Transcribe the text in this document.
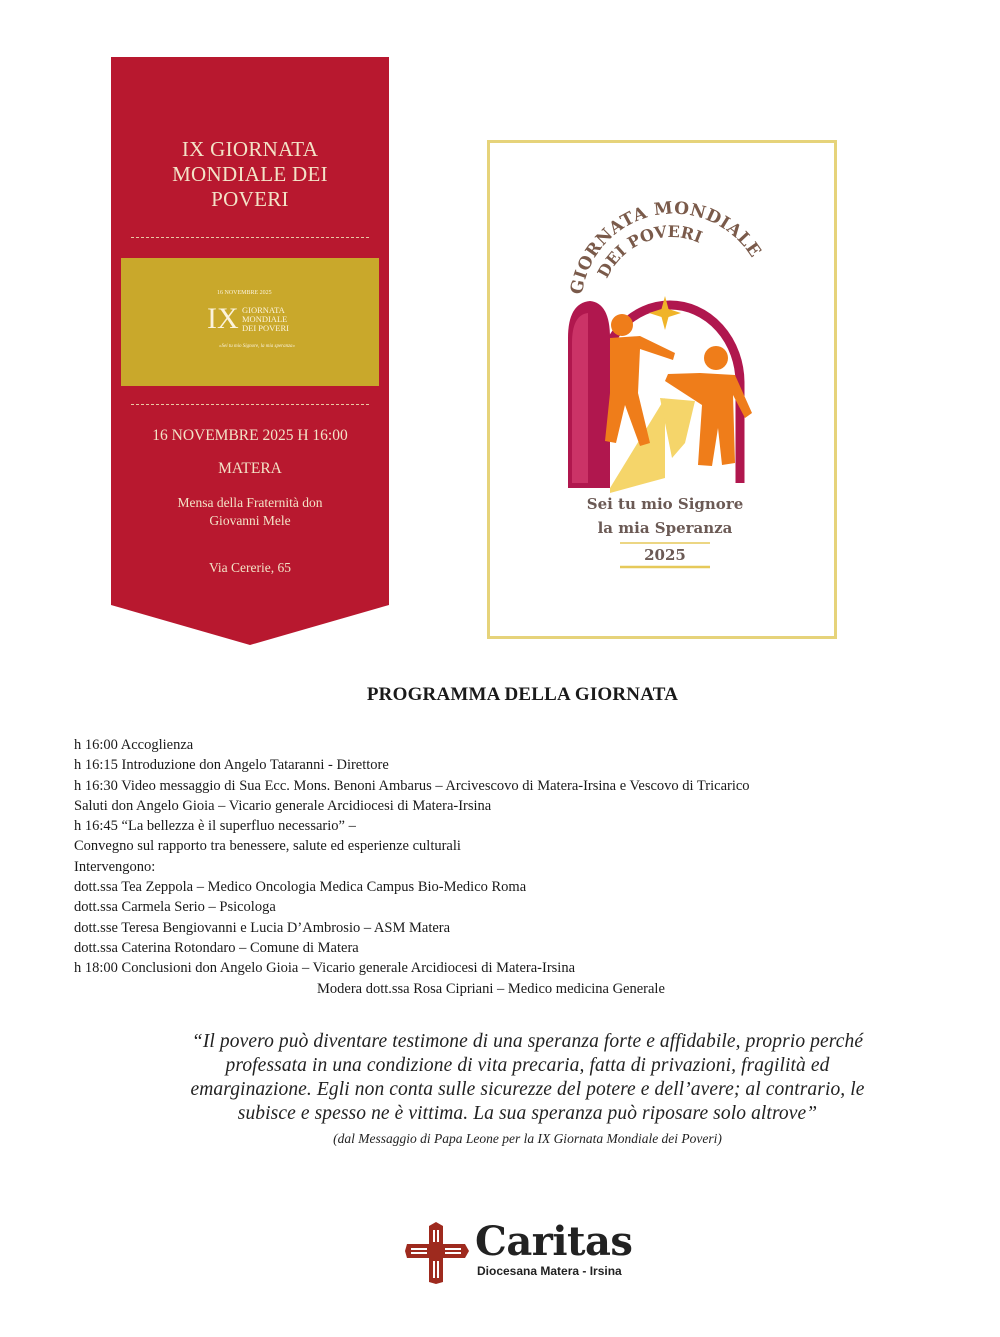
IX GIORNATA
MONDIALE DEI
POVERI
16 NOVEMBRE 2025
IX GIORNATA
MONDIALE
DEI POVERI
«Sei tu mio Signore, la mia speranza»
16 NOVEMBRE 2025 H 16:00
MATERA
Mensa della Fraternità don
Giovanni Mele
Via Cererie, 65
GIORNATA MONDIALE
DEI POVERI
Sei tu mio Signore
la mia Speranza
2025
PROGRAMMA DELLA GIORNATA
h 16:00 Accoglienza
h 16:15 Introduzione don Angelo Tataranni - Direttore
h 16:30 Video messaggio di Sua Ecc. Mons. Benoni Ambarus – Arcivescovo di Matera-Irsina e Vescovo di Tricarico
Saluti don Angelo Gioia – Vicario generale Arcidiocesi di Matera-Irsina
h 16:45 “La bellezza è il superfluo necessario” –
Convegno sul rapporto tra benessere, salute ed esperienze culturali
Intervengono:
dott.ssa Tea Zeppola – Medico Oncologia Medica Campus Bio-Medico Roma
dott.ssa Carmela Serio – Psicologa
dott.sse Teresa Bengiovanni e Lucia D’Ambrosio – ASM Matera
dott.ssa Caterina Rotondaro – Comune di Matera
h 18:00 Conclusioni don Angelo Gioia – Vicario generale Arcidiocesi di Matera-Irsina
Modera dott.ssa Rosa Cipriani – Medico medicina Generale
“Il povero può diventare testimone di una speranza forte e affidabile, proprio perché
professata in una condizione di vita precaria, fatta di privazioni, fragilità ed
emarginazione. Egli non conta sulle sicurezze del potere e dell’avere; al contrario, le
subisce e spesso ne è vittima. La sua speranza può riposare solo altrove”
(dal Messaggio di Papa Leone per la IX Giornata Mondiale dei Poveri)
Caritas
Diocesana Matera - Irsina
